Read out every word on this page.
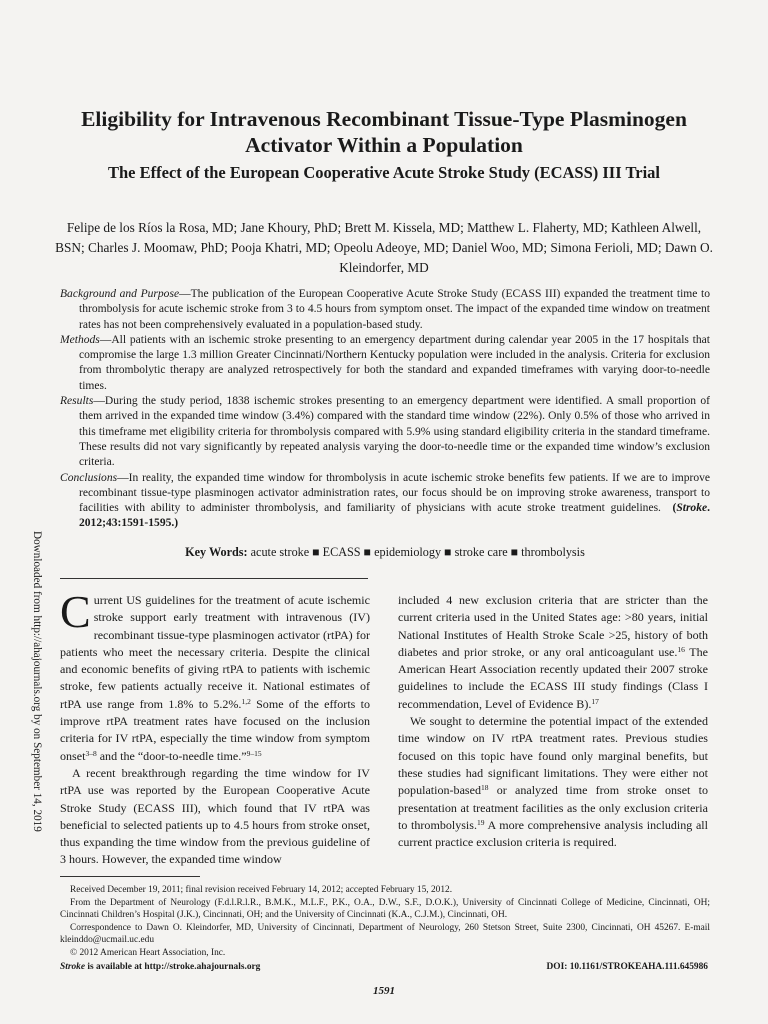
Eligibility for Intravenous Recombinant Tissue-Type Plasminogen Activator Within a Population
The Effect of the European Cooperative Acute Stroke Study (ECASS) III Trial

Felipe de los Ríos la Rosa, MD; Jane Khoury, PhD; Brett M. Kissela, MD; Matthew L. Flaherty, MD; Kathleen Alwell, BSN; Charles J. Moomaw, PhD; Pooja Khatri, MD; Opeolu Adeoye, MD; Daniel Woo, MD; Simona Ferioli, MD; Dawn O. Kleindorfer, MD

Background and Purpose—The publication of the European Cooperative Acute Stroke Study (ECASS III) expanded the treatment time to thrombolysis for acute ischemic stroke from 3 to 4.5 hours from symptom onset. The impact of the expanded time window on treatment rates has not been comprehensively evaluated in a population-based study.

Methods—All patients with an ischemic stroke presenting to an emergency department during calendar year 2005 in the 17 hospitals that compromise the large 1.3 million Greater Cincinnati/Northern Kentucky population were included in the analysis. Criteria for exclusion from thrombolytic therapy are analyzed retrospectively for both the standard and expanded timeframes with varying door-to-needle times.

Results—During the study period, 1838 ischemic strokes presenting to an emergency department were identified. A small proportion of them arrived in the expanded time window (3.4%) compared with the standard time window (22%). Only 0.5% of those who arrived in this timeframe met eligibility criteria for thrombolysis compared with 5.9% using standard eligibility criteria in the standard timeframe. These results did not vary significantly by repeated analysis varying the door-to-needle time or the expanded time window’s exclusion criteria.

Conclusions—In reality, the expanded time window for thrombolysis in acute ischemic stroke benefits few patients. If we are to improve recombinant tissue-type plasminogen activator administration rates, our focus should be on improving stroke awareness, transport to facilities with ability to administer thrombolysis, and familiarity of physicians with acute stroke treatment guidelines. (Stroke. 2012;43:1591-1595.)

Key Words: acute stroke ■ ECASS ■ epidemiology ■ stroke care ■ thrombolysis

Downloaded from http://ahajournals.org by on September 14, 2019 Current US guidelines for the treatment of acute ischemic stroke support early treatment with intravenous (IV) recombinant tissue-type plasminogen activator (rtPA) for patients who meet the necessary criteria. Despite the clinical and economic benefits of giving rtPA to patients with ischemic stroke, few patients actually receive it. National estimates of rtPA use range from 1.8% to 5.2%.$^{1,2}$ Some of the efforts to improve rtPA treatment rates have focused on the inclusion criteria for IV rtPA, especially the time window from symptom onset$^{3-8}$ and the “door-to-needle time.”$^{9-15}$

A recent breakthrough regarding the time window for IV rtPA use was reported by the European Cooperative Acute Stroke Study (ECASS III), which found that IV rtPA was beneficial to selected patients up to 4.5 hours from stroke onset, thus expanding the time window from the previous guideline of 3 hours. However, the expanded time window

included 4 new exclusion criteria that are stricter than the current criteria used in the United States age: >80 years, initial National Institutes of Health Stroke Scale >25, history of both diabetes and prior stroke, or any oral anticoagulant use.$^{16}$ The American Heart Association recently updated their 2007 stroke guidelines to include the ECASS III study findings (Class I recommendation, Level of Evidence B).$^{17}$

We sought to determine the potential impact of the extended time window on IV rtPA treatment rates. Previous studies focused on this topic have found only marginal benefits, but these studies had significant limitations. They were either not population-based$^{18}$ or analyzed time from stroke onset to presentation at treatment facilities as the only exclusion criteria to thrombolysis.$^{19}$ A more comprehensive analysis including all current practice exclusion criteria is required.

Received December 19, 2011; final revision received February 14, 2012; accepted February 15, 2012.

From the Department of Neurology (F.d.l.R.l.R., B.M.K., M.L.F., P.K., O.A., D.W., S.F., D.O.K.), University of Cincinnati College of Medicine, Cincinnati, OH; Cincinnati Children’s Hospital (J.K.), Cincinnati, OH; and the University of Cincinnati (K.A., C.J.M.), Cincinnati, OH.

Correspondence to Dawn O. Kleindorfer, MD, University of Cincinnati, Department of Neurology, 260 Stetson Street, Suite 2300, Cincinnati, OH 45267. E-mail kleinddo@ucmail.uc.edu

© 2012 American Heart Association, Inc.

Stroke is available at http://stroke.ahajournals.org	DOI: 10.1161/STROKEAHA.111.645986

1591
